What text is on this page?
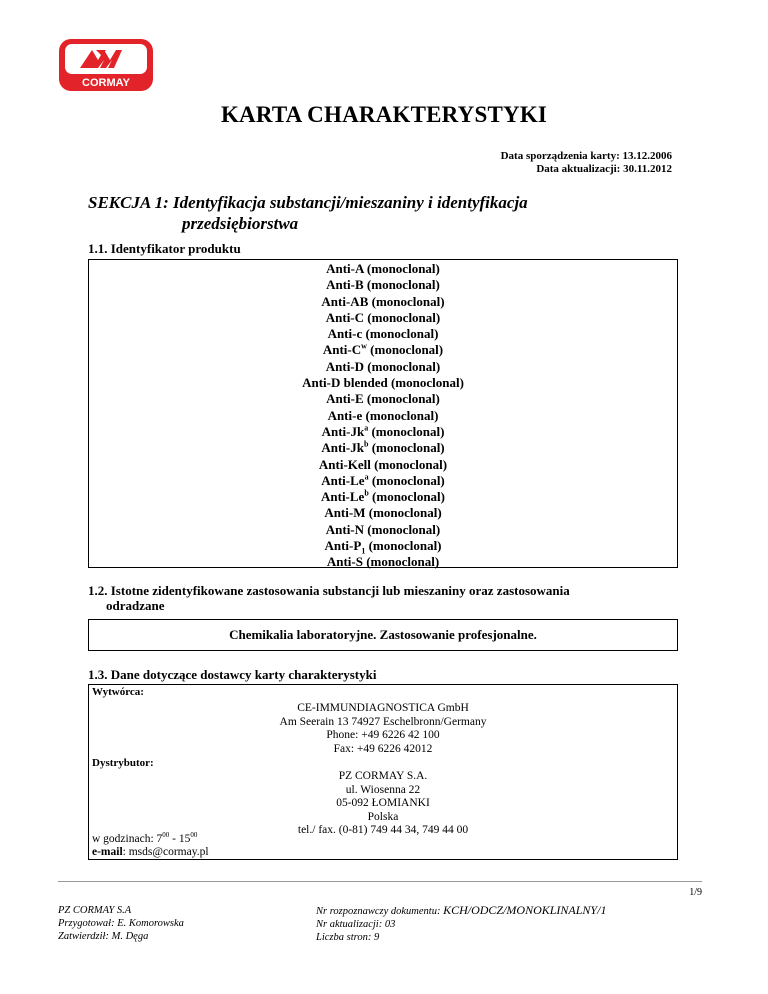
CORMAY
KARTA CHARAKTERYSTYKI
Data sporządzenia karty: 13.12.2006
Data aktualizacji: 30.11.2012
SEKCJA 1: Identyfikacja substancji/mieszaniny i identyfikacja
przedsiębiorstwa
1.1. Identyfikator produktu
Anti-A (monoclonal)
Anti-B (monoclonal)
Anti-AB (monoclonal)
Anti-C (monoclonal)
Anti-c (monoclonal)
Anti-$C^w$ (monoclonal)
Anti-D (monoclonal)
Anti-D blended (monoclonal)
Anti-E (monoclonal)
Anti-e (monoclonal)
Anti-Jk$^a$ (monoclonal)
Anti-Jk$^b$ (monoclonal)
Anti-Kell (monoclonal)
Anti-Le$^a$ (monoclonal)
Anti-Le$^b$ (monoclonal)
Anti-M (monoclonal)
Anti-N (monoclonal)
Anti-$P_1$ (monoclonal)
Anti-S (monoclonal)
1.2. Istotne zidentyfikowane zastosowania substancji lub mieszaniny oraz zastosowania
odradzane
Chemikalia laboratoryjne. Zastosowanie profesjonalne.
1.3. Dane dotyczące dostawcy karty charakterystyki
Wytwórca:
CE-IMMUNDIAGNOSTICA GmbH
Am Seerain 13 74927 Eschelbronn/Germany
Phone: +49 6226 42 100
Fax: +49 6226 42012
Dystrybutor:
PZ CORMAY S.A.
ul. Wiosenna 22
05-092 ŁOMIANKI
Polska
tel./ fax. (0-81) 749 44 34, 749 44 00
w godzinach: $7^{00} - 15^{00}$
e-mail: msds@cormay.pl
1/9
PZ CORMAY S.A
Przygotował: E. Komorowska
Zatwierdził: M. Dęga
Nr rozpoznawczy dokumentu: KCH/ODCZ/MONOKLINALNY/1
Nr aktualizacji: 03
Liczba stron: 9
